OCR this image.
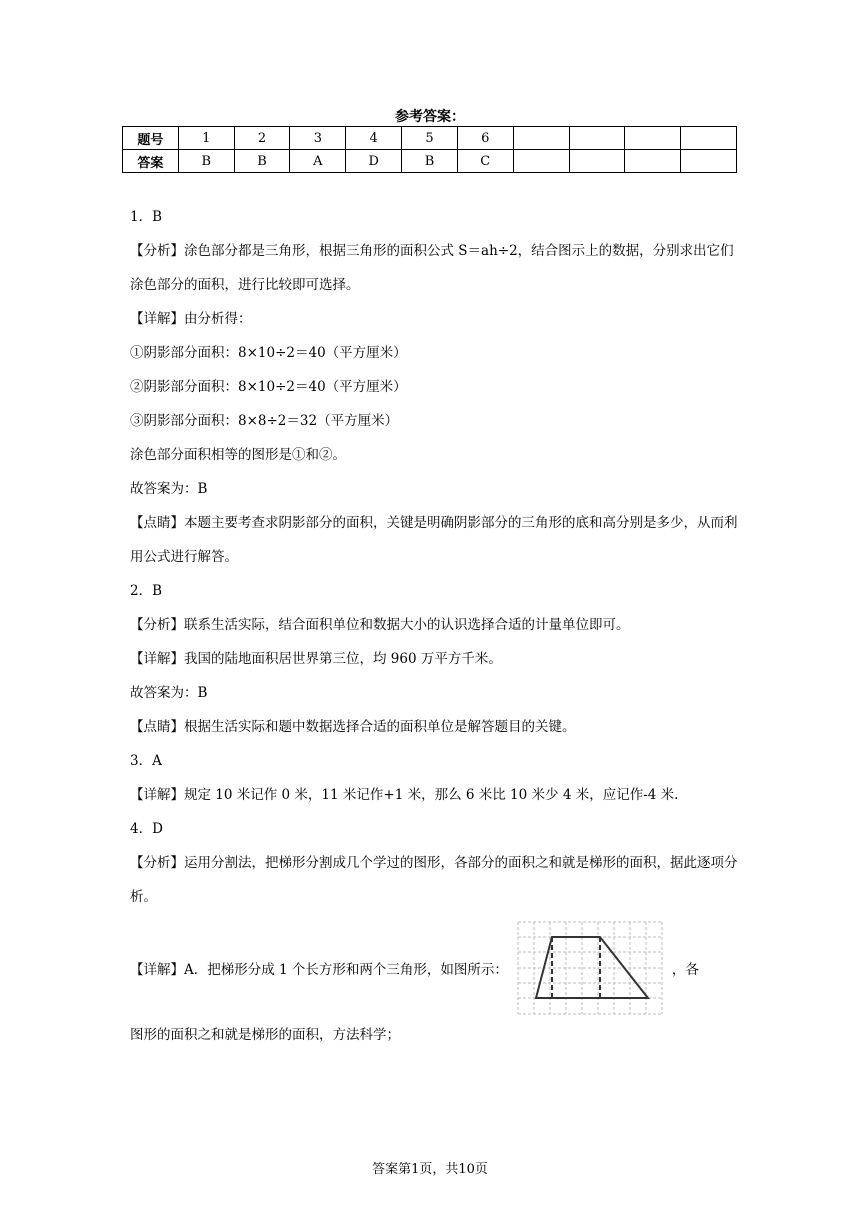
参考答案：
题号	1	2	3	4	5	6				
答案	B	B	A	D	B	C				

1．B

【分析】涂色部分都是三角形，根据三角形的面积公式 S＝ah÷2，结合图示上的数据，分别求出它们涂色部分的面积，进行比较即可选择。

【详解】由分析得：

①阴影部分面积：8×10÷2＝40（平方厘米）

②阴影部分面积：8×10÷2＝40（平方厘米）

③阴影部分面积：8×8÷2＝32（平方厘米）

涂色部分面积相等的图形是①和②。

故答案为：B

【点睛】本题主要考查求阴影部分的面积，关键是明确阴影部分的三角形的底和高分别是多少，从而利用公式进行解答。

2．B

【分析】联系生活实际，结合面积单位和数据大小的认识选择合适的计量单位即可。

【详解】我国的陆地面积居世界第三位，均 960 万平方千米。

故答案为：B

【点睛】根据生活实际和题中数据选择合适的面积单位是解答题目的关键。

3．A

【详解】规定 10 米记作 0 米，11 米记作+1 米，那么 6 米比 10 米少 4 米，应记作-4 米.

4．D

【分析】运用分割法，把梯形分割成几个学过的图形，各部分的面积之和就是梯形的面积，据此逐项分析。

【详解】A．把梯形分成 1 个长方形和两个三角形，如图所示：	，各

图形的面积之和就是梯形的面积，方法科学；

答案第1页，共10页
